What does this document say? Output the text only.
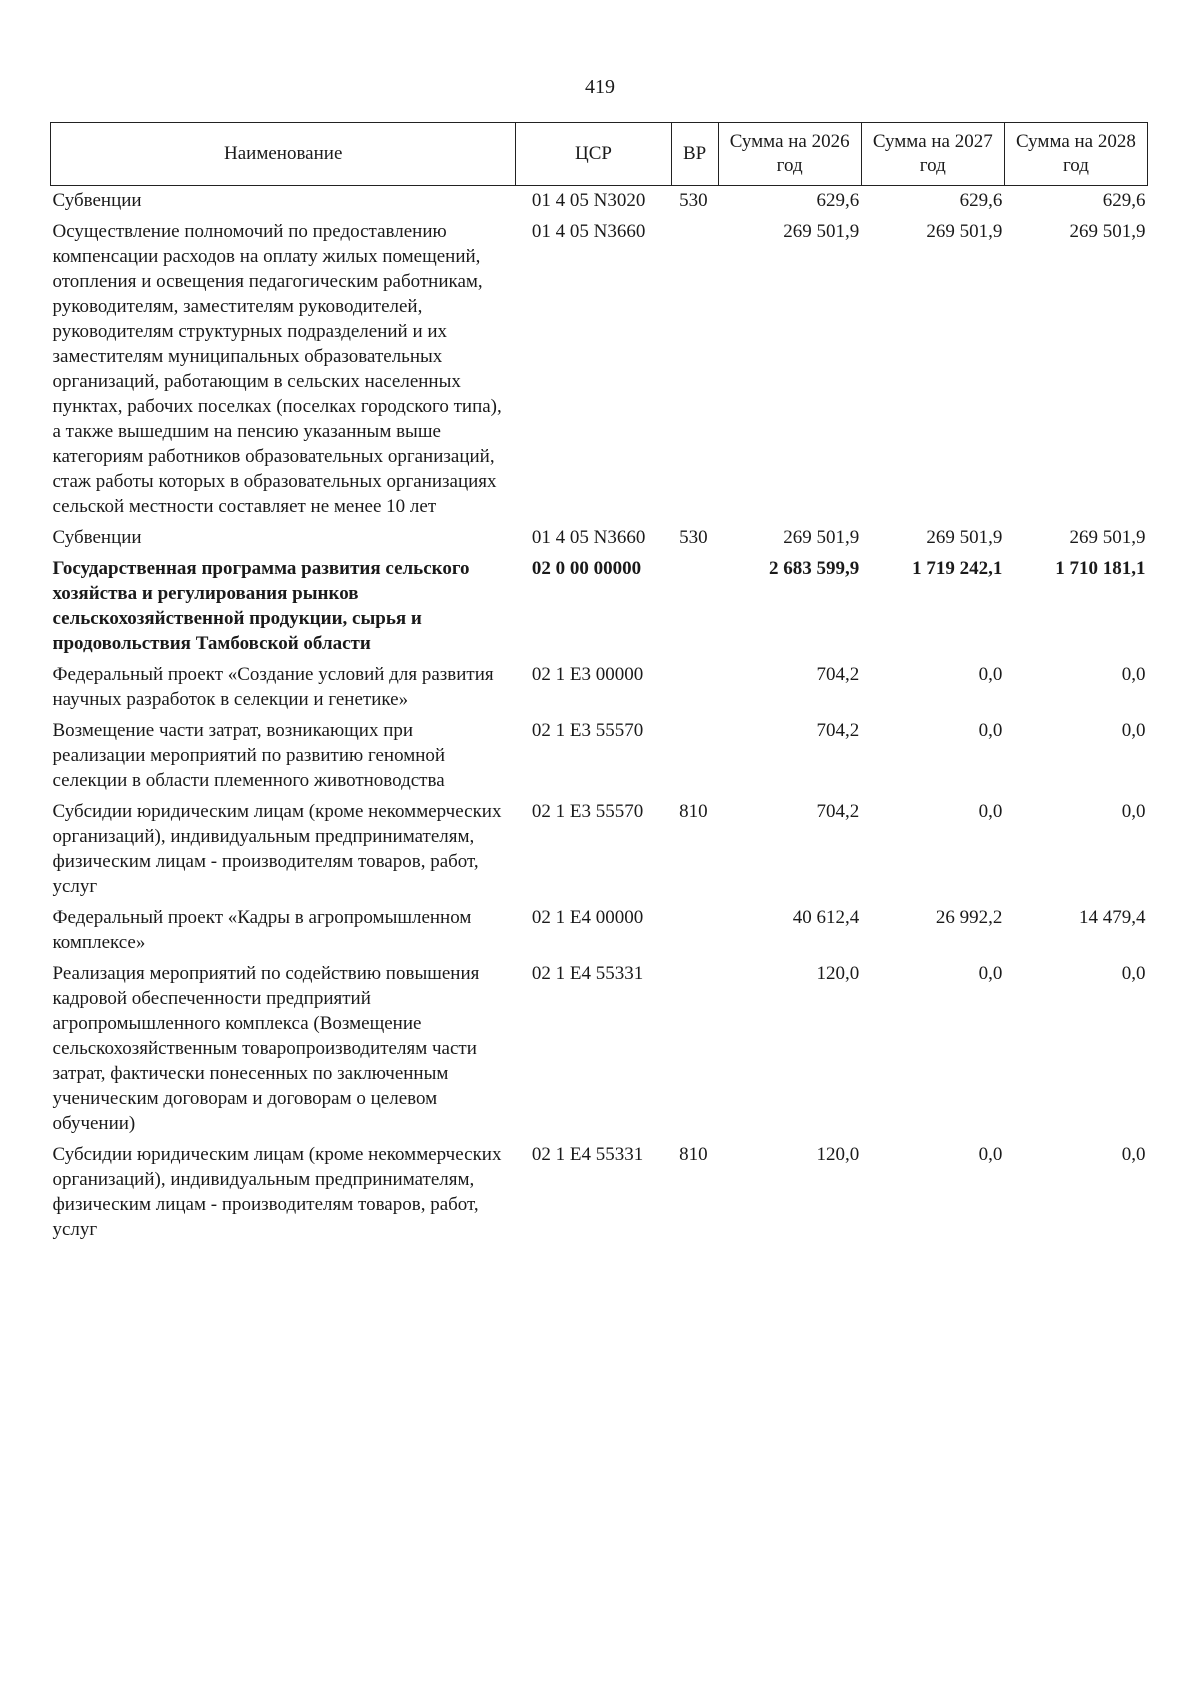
419
Наименование	ЦСР	ВР	Сумма на 2026 год	Сумма на 2027 год	Сумма на 2028 год
Субвенции	01 4 05 N3020	530	629,6	629,6	629,6
Осуществление полномочий по предоставлению компенсации расходов на оплату жилых помещений, отопления и освещения педагогическим работникам, руководителям, заместителям руководителей, руководителям структурных подразделений и их заместителям муниципальных образовательных организаций, работающим в сельских населенных пунктах, рабочих поселках (поселках городского типа), а также вышедшим на пенсию указанным выше категориям работников образовательных организаций, стаж работы которых в образовательных организациях сельской местности составляет не менее 10 лет	01 4 05 N3660		269 501,9	269 501,9	269 501,9
Субвенции	01 4 05 N3660	530	269 501,9	269 501,9	269 501,9
Государственная программа развития сельского хозяйства и регулирования рынков сельскохозяйственной продукции, сырья и продовольствия Тамбовской области	02 0 00 00000		2 683 599,9	1 719 242,1	1 710 181,1
Федеральный проект «Создание условий для развития научных разработок в селекции и генетике»	02 1 E3 00000		704,2	0,0	0,0
Возмещение части затрат, возникающих при реализации мероприятий по развитию геномной селекции в области племенного животноводства	02 1 E3 55570		704,2	0,0	0,0
Субсидии юридическим лицам (кроме некоммерческих организаций), индивидуальным предпринимателям, физическим лицам - производителям товаров, работ, услуг	02 1 E3 55570	810	704,2	0,0	0,0
Федеральный проект «Кадры в агропромышленном комплексе»	02 1 E4 00000		40 612,4	26 992,2	14 479,4
Реализация мероприятий по содействию повышения кадровой обеспеченности предприятий агропромышленного комплекса (Возмещение сельскохозяйственным товаропроизводителям части затрат, фактически понесенных по заключенным ученическим договорам и договорам о целевом обучении)	02 1 E4 55331		120,0	0,0	0,0
Субсидии юридическим лицам (кроме некоммерческих организаций), индивидуальным предпринимателям, физическим лицам - производителям товаров, работ, услуг	02 1 E4 55331	810	120,0	0,0	0,0
